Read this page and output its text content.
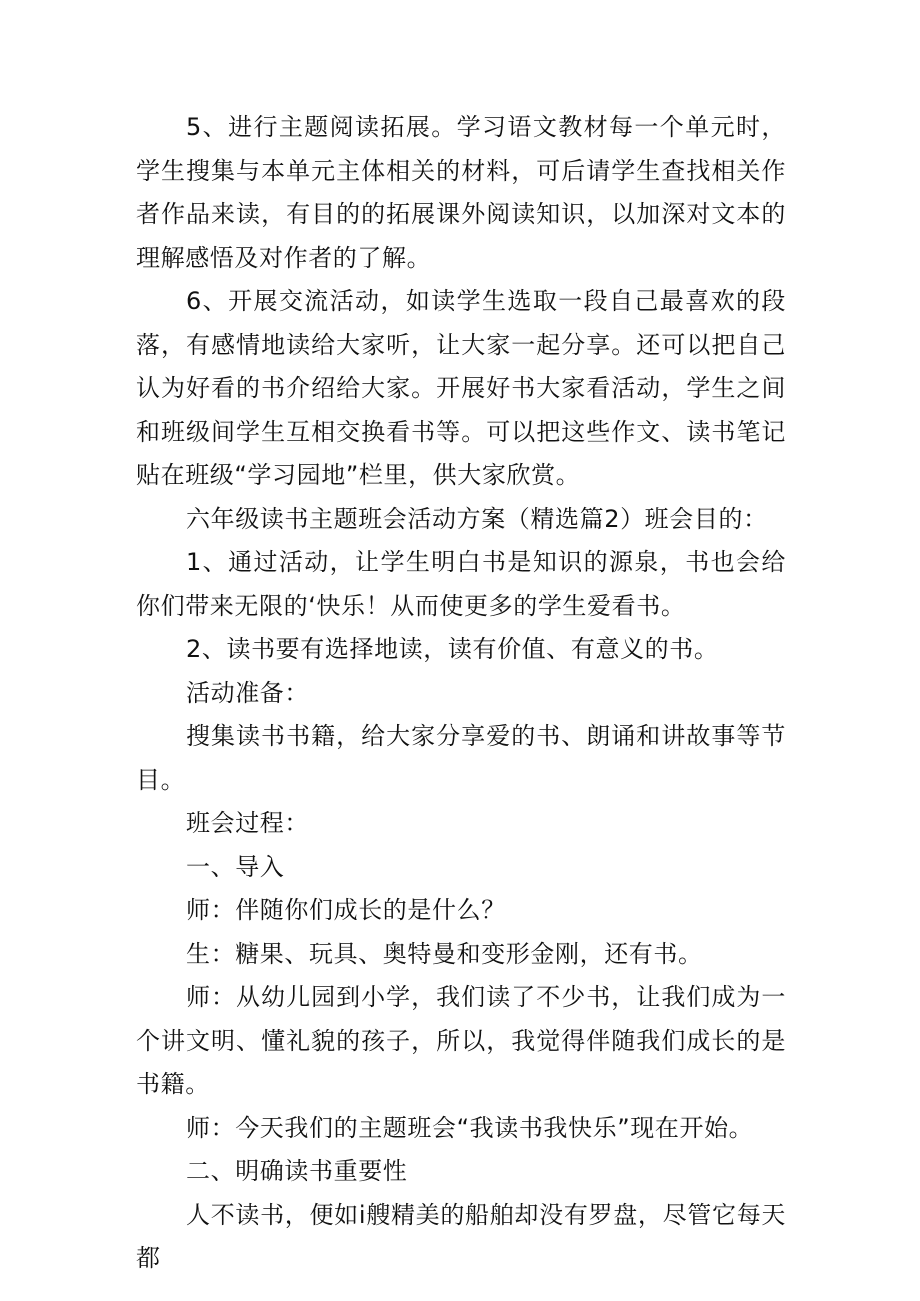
5、进行主题阅读拓展。学习语文教材每一个单元时，学生搜集与本单元主体相关的材料，可后请学生查找相关作者作品来读，有目的的拓展课外阅读知识，以加深对文本的理解感悟及对作者的了解。

6、开展交流活动，如读学生选取一段自己最喜欢的段落，有感情地读给大家听，让大家一起分享。还可以把自己认为好看的书介绍给大家。开展好书大家看活动，学生之间和班级间学生互相交换看书等。可以把这些作文、读书笔记贴在班级“学习园地”栏里，供大家欣赏。

六年级读书主题班会活动方案（精选篇2）班会目的：

1、通过活动，让学生明白书是知识的源泉，书也会给你们带来无限的‘快乐！从而使更多的学生爱看书。

2、读书要有选择地读，读有价值、有意义的书。

活动准备：

搜集读书书籍，给大家分享爱的书、朗诵和讲故事等节目。

班会过程：

一、导入

师：伴随你们成长的是什么？

生：糖果、玩具、奥特曼和变形金刚，还有书。

师：从幼儿园到小学，我们读了不少书，让我们成为一个讲文明、懂礼貌的孩子，所以，我觉得伴随我们成长的是书籍。

师：今天我们的主题班会“我读书我快乐”现在开始。

二、明确读书重要性

人不读书，便如i艘精美的船舶却没有罗盘，尽管它每天都
